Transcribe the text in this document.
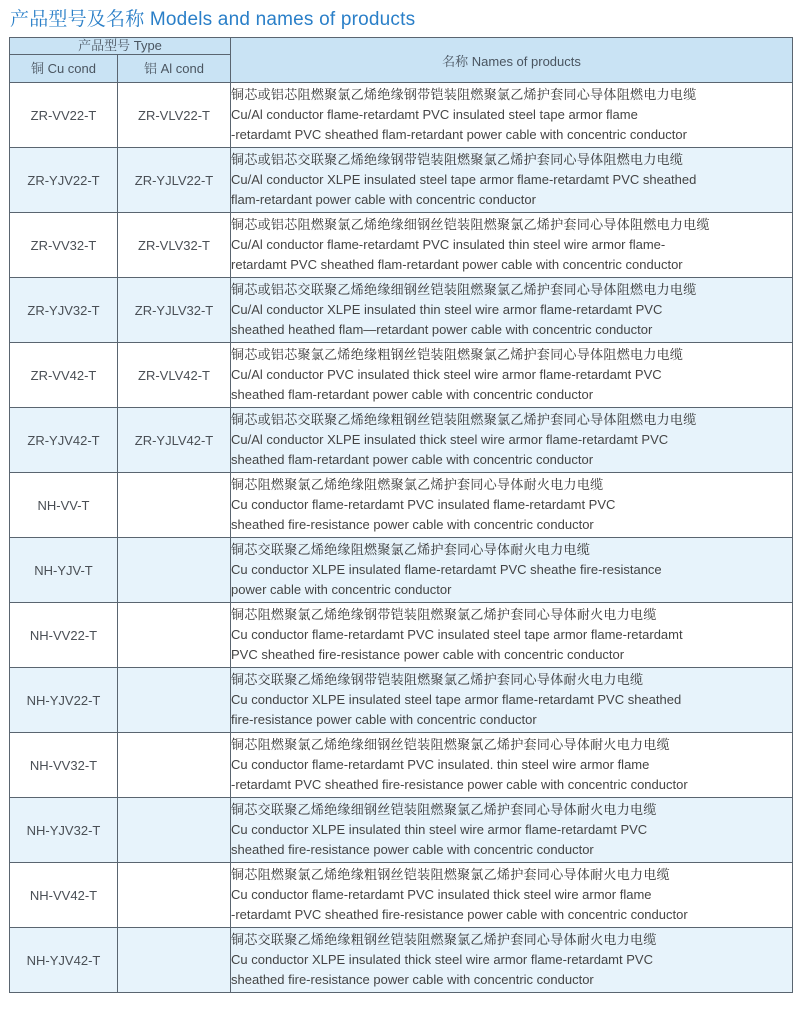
产品型号及名称 Models and names of products
产品型号 Type		名称 Names of products
铜 Cu cond	铝 Al cond	
ZR-VV22-T	ZR-VLV22-T	铜芯或铝芯阻燃聚氯乙烯绝缘钢带铠装阻燃聚氯乙烯护套同心导体阻燃电力电缆
Cu/Al conductor flame-retardamt PVC insulated steel tape armor flame
-retardamt PVC sheathed flam-retardant power cable with concentric conductor

ZR-YJV22-T	ZR-YJLV22-T	铜芯或铝芯交联聚乙烯绝缘钢带铠装阻燃聚氯乙烯护套同心导体阻燃电力电缆
Cu/Al conductor XLPE insulated steel tape armor flame-retardamt PVC sheathed
flam-retardant power cable with concentric conductor

ZR-VV32-T	ZR-VLV32-T	铜芯或铝芯阻燃聚氯乙烯绝缘细钢丝铠装阻燃聚氯乙烯护套同心导体阻燃电力电缆
Cu/Al conductor flame-retardamt PVC insulated thin steel wire armor flame-
retardamt PVC sheathed flam-retardant power cable with concentric conductor

ZR-YJV32-T	ZR-YJLV32-T	铜芯或铝芯交联聚乙烯绝缘细钢丝铠装阻燃聚氯乙烯护套同心导体阻燃电力电缆
Cu/Al conductor XLPE insulated thin steel wire armor flame-retardamt PVC
sheathed heathed flam—retardant power cable with concentric conductor

ZR-VV42-T	ZR-VLV42-T	铜芯或铝芯聚氯乙烯绝缘粗钢丝铠装阻燃聚氯乙烯护套同心导体阻燃电力电缆
Cu/Al conductor PVC insulated thick steel wire armor flame-retardamt PVC
sheathed flam-retardant power cable with concentric conductor

ZR-YJV42-T	ZR-YJLV42-T	铜芯或铝芯交联聚乙烯绝缘粗钢丝铠装阻燃聚氯乙烯护套同心导体阻燃电力电缆
Cu/Al conductor XLPE insulated thick steel wire armor flame-retardamt PVC
sheathed flam-retardant power cable with concentric conductor

NH-VV-T		铜芯阻燃聚氯乙烯绝缘阻燃聚氯乙烯护套同心导体耐火电力电缆
Cu conductor flame-retardamt PVC insulated flame-retardamt PVC
sheathed fire-resistance power cable with concentric conductor

NH-YJV-T		铜芯交联聚乙烯绝缘阻燃聚氯乙烯护套同心导体耐火电力电缆
Cu conductor XLPE insulated flame-retardamt PVC sheathe fire-resistance
power cable with concentric conductor

NH-VV22-T		铜芯阻燃聚氯乙烯绝缘钢带铠装阻燃聚氯乙烯护套同心导体耐火电力电缆
Cu conductor flame-retardamt PVC insulated steel tape armor flame-retardamt
PVC sheathed fire-resistance power cable with concentric conductor

NH-YJV22-T		铜芯交联聚乙烯绝缘钢带铠装阻燃聚氯乙烯护套同心导体耐火电力电缆
Cu conductor XLPE insulated steel tape armor flame-retardamt PVC sheathed
fire-resistance power cable with concentric conductor

NH-VV32-T		铜芯阻燃聚氯乙烯绝缘细钢丝铠装阻燃聚氯乙烯护套同心导体耐火电力电缆
Cu conductor flame-retardamt PVC insulated. thin steel wire armor flame
-retardamt PVC sheathed fire-resistance power cable with concentric conductor

NH-YJV32-T		铜芯交联聚乙烯绝缘细钢丝铠装阻燃聚氯乙烯护套同心导体耐火电力电缆
Cu conductor XLPE insulated thin steel wire armor flame-retardamt PVC
sheathed fire-resistance power cable with concentric conductor

NH-VV42-T		铜芯阻燃聚氯乙烯绝缘粗钢丝铠装阻燃聚氯乙烯护套同心导体耐火电力电缆
Cu conductor flame-retardamt PVC insulated thick steel wire armor flame
-retardamt PVC sheathed fire-resistance power cable with concentric conductor

NH-YJV42-T		铜芯交联聚乙烯绝缘粗钢丝铠装阻燃聚氯乙烯护套同心导体耐火电力电缆
Cu conductor XLPE insulated thick steel wire armor flame-retardamt PVC
sheathed fire-resistance power cable with concentric conductor
